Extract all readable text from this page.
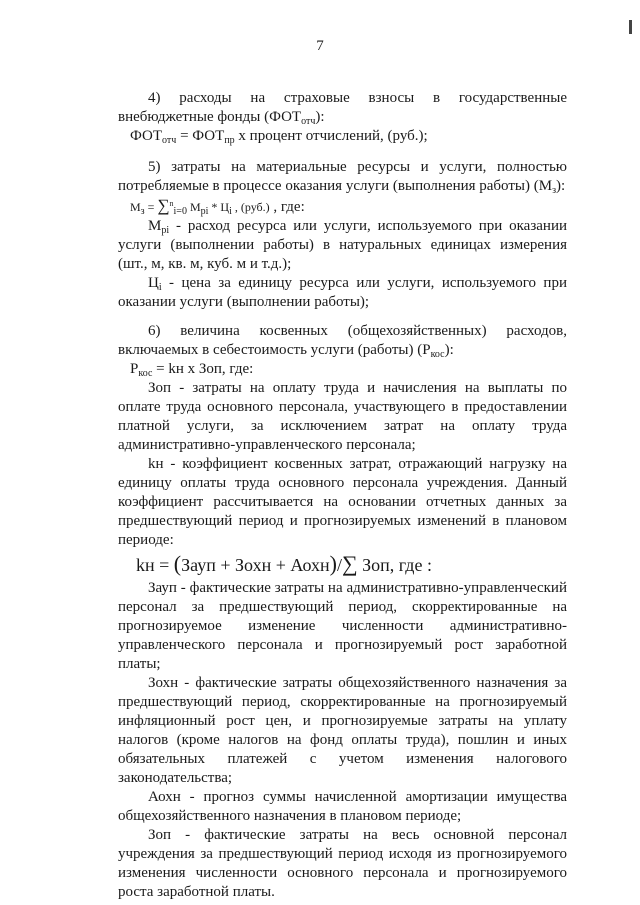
7

4) расходы на страховые взносы в государственные внебюджетные фонды $(ФОТ_{отч})$:

$ФОТ_{отч} = ФОТ_{пр}$ х процент отчислений, (руб.);

5) затраты на материальные ресурсы и услуги, полностью потребляемые в процессе оказания услуги (выполнения работы) $(М_з)$:

$М_з = \sum^n_{i=0}$ $М_{pi} * Ц_i$ , (руб.) , где:

$М_{pi}$ - расход ресурса или услуги, используемого при оказании услуги (выполнении работы) в натуральных единицах измерения (шт., м, кв. м, куб. м и т.д.);

$Ц_i$ - цена за единицу ресурса или услуги, используемого при оказании услуги (выполнении работы);

6) величина косвенных (общехозяйственных) расходов, включаемых в себестоимость услуги (работы) $(Р_{кос})$:

$Р_{кос}$ = kн х Зоп, где:

Зоп - затраты на оплату труда и начисления на выплаты по оплате труда основного персонала, участвующего в предоставлении платной услуги, за исключением затрат на оплату труда административно-управленческого персонала;

kн - коэффициент косвенных затрат, отражающий нагрузку на единицу оплаты труда основного персонала учреждения. Данный коэффициент рассчитывается на основании отчетных данных за предшествующий период и прогнозируемых изменений в плановом периоде:

kн = (Зауп + Зохн + Аохн)/∑ Зоп, где :

Зауп - фактические затраты на административно-управленческий персонал за предшествующий период, скорректированные на прогнозируемое изменение численности административно-управленческого персонала и прогнозируемый рост заработной платы;

Зохн - фактические затраты общехозяйственного назначения за предшествующий период, скорректированные на прогнозируемый инфляционный рост цен, и прогнозируемые затраты на уплату налогов (кроме налогов на фонд оплаты труда), пошлин и иных обязательных платежей с учетом изменения налогового законодательства;

Аохн - прогноз суммы начисленной амортизации имущества общехозяйственного назначения в плановом периоде;

Зоп - фактические затраты на весь основной персонал учреждения за предшествующий период исходя из прогнозируемого изменения численности основного персонала и прогнозируемого роста заработной платы.
